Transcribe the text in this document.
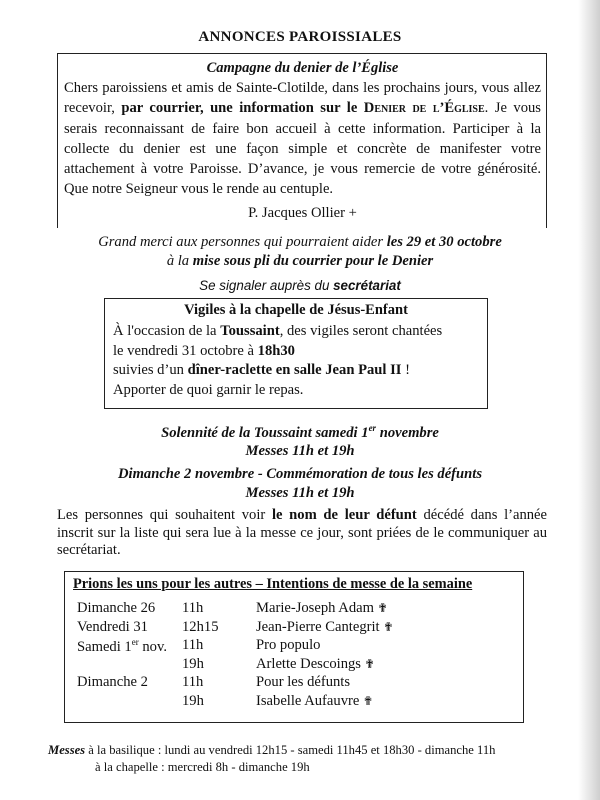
ANNONCES PAROISSIALES
Campagne du denier de l’Église
Chers paroissiens et amis de Sainte-Clotilde, dans les prochains jours, vous allez recevoir, par courrier, une information sur le Denier de l’Église. Je vous serais reconnaissant de faire bon accueil à cette information. Participer à la collecte du denier est une façon simple et concrète de manifester votre attachement à votre Paroisse. D’avance, je vous remercie de votre générosité. Que notre Seigneur vous le rende au centuple.
P. Jacques Ollier +
Grand merci aux personnes qui pourraient aider les 29 et 30 octobre
à la mise sous pli du courrier pour le Denier
Se signaler auprès du secrétariat
Vigiles à la chapelle de Jésus-Enfant
À l'occasion de la Toussaint, des vigiles seront chantées
le vendredi 31 octobre à 18h30
suivies d’un dîner-raclette en salle Jean Paul II !
Apporter de quoi garnir le repas.
Solennité de la Toussaint samedi 1er novembre
Messes 11h et 19h
Dimanche 2 novembre - Commémoration de tous les défunts
Messes 11h et 19h
Les personnes qui souhaitent voir le nom de leur défunt décédé dans l’année inscrit sur la liste qui sera lue à la messe ce jour, sont priées de le communiquer au secrétariat.
Prions les uns pour les autres – Intentions de messe de la semaine
Dimanche 26 11h	Marie-Joseph Adam ✟
Vendredi 31 12h15	Jean-Pierre Cantegrit ✟
Samedi 1er nov. 11h	Pro populo
19h	Arlette Descoings ✟
Dimanche 2 11h	Pour les défunts
19h	Isabelle Aufauvre ✟
Messes à la basilique : lundi au vendredi 12h15 - samedi 11h45 et 18h30 - dimanche 11h
à la chapelle : mercredi 8h - dimanche 19h
